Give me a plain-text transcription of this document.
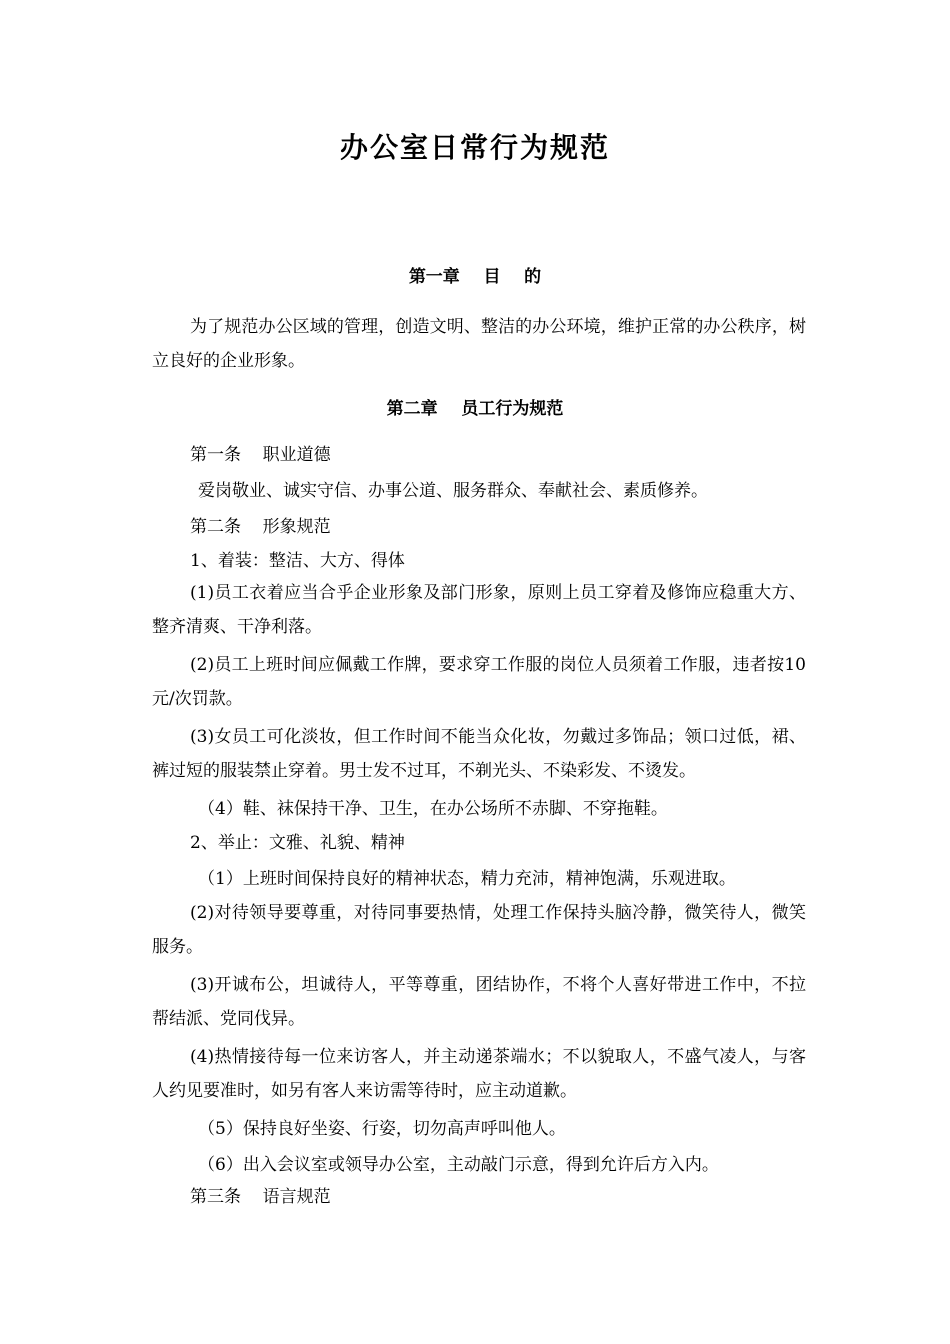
办公室日常行为规范
第一章    目    的
为了规范办公区域的管理，创造文明、整洁的办公环境，维护正常的办公秩序，树立良好的企业形象。
第二章    员工行为规范
第一条    职业道德
爱岗敬业、诚实守信、办事公道、服务群众、奉献社会、素质修养。
第二条    形象规范
1、着装：整洁、大方、得体
(1)员工衣着应当合乎企业形象及部门形象，原则上员工穿着及修饰应稳重大方、整齐清爽、干净利落。
(2)员工上班时间应佩戴工作牌，要求穿工作服的岗位人员须着工作服，违者按10元/次罚款。
(3)女员工可化淡妆，但工作时间不能当众化妆，勿戴过多饰品；领口过低，裙、裤过短的服装禁止穿着。男士发不过耳，不剃光头、不染彩发、不烫发。
（4）鞋、袜保持干净、卫生，在办公场所不赤脚、不穿拖鞋。
2、举止：文雅、礼貌、精神
（1）上班时间保持良好的精神状态，精力充沛，精神饱满，乐观进取。
(2)对待领导要尊重，对待同事要热情，处理工作保持头脑冷静，微笑待人，微笑服务。
(3)开诚布公，坦诚待人，平等尊重，团结协作，不将个人喜好带进工作中，不拉帮结派、党同伐异。
(4)热情接待每一位来访客人，并主动递茶端水；不以貌取人，不盛气凌人，与客人约见要准时，如另有客人来访需等待时，应主动道歉。
（5）保持良好坐姿、行姿，切勿高声呼叫他人。
（6）出入会议室或领导办公室，主动敲门示意，得到允许后方入内。
第三条    语言规范
